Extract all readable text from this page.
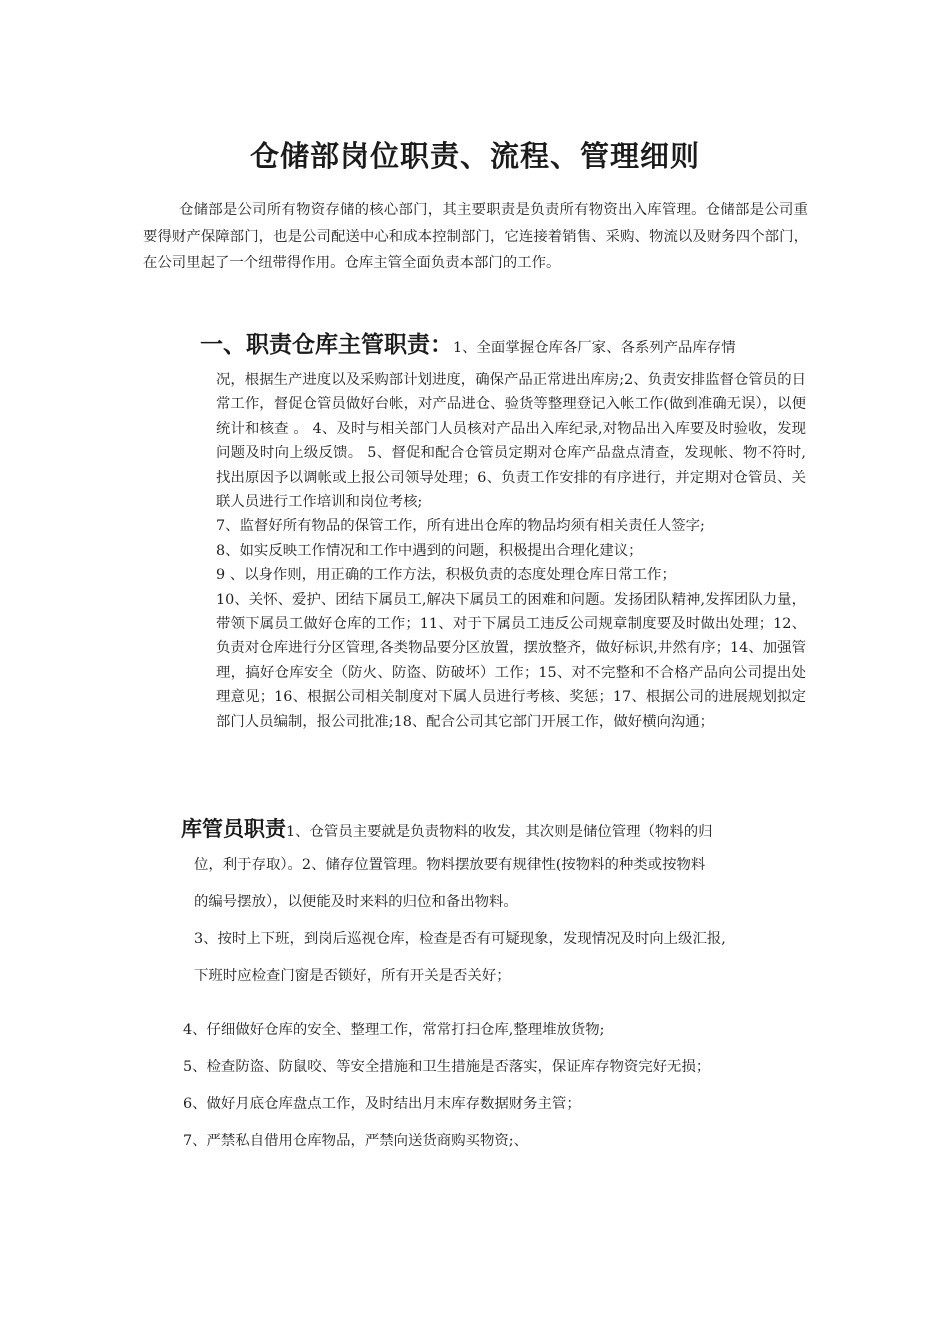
仓储部岗位职责、流程、管理细则
仓储部是公司所有物资存储的核心部门，其主要职责是负责所有物资出入库管理。仓储部是公司重要得财产保障部门，也是公司配送中心和成本控制部门，它连接着销售、采购、物流以及财务四个部门，在公司里起了一个纽带得作用。仓库主管全面负责本部门的工作。
一、职责仓库主管职责：1、全面掌握仓库各厂家、各系列产品库存情

况，根据生产进度以及采购部计划进度，确保产品正常进出库房;2、负责安排监督仓管员的日常工作，督促仓管员做好台帐，对产品进仓、验货等整理登记入帐工作(做到准确无误），以便统计和核查 。 4、及时与相关部门人员核对产品出入库纪录,对物品出入库要及时验收，发现问题及时向上级反馈。 5、督促和配合仓管员定期对仓库产品盘点清查，发现帐、物不符时,找出原因予以调帐或上报公司领导处理；6、负责工作安排的有序进行，并定期对仓管员、关联人员进行工作培训和岗位考核;

7、监督好所有物品的保管工作，所有进出仓库的物品均须有相关责任人签字;

8、如实反映工作情况和工作中遇到的问题，积极提出合理化建议；

9 、以身作则，用正确的工作方法，积极负责的态度处理仓库日常工作；

10、关怀、爱护、团结下属员工,解决下属员工的困难和问题。发扬团队精神,发挥团队力量，带领下属员工做好仓库的工作；11、对于下属员工违反公司规章制度要及时做出处理；12、负责对仓库进行分区管理,各类物品要分区放置，摆放整齐，做好标识,井然有序；14、加强管理，搞好仓库安全（防火、防盗、防破坏）工作；15、对不完整和不合格产品向公司提出处理意见；16、根据公司相关制度对下属人员进行考核、奖惩；17、根据公司的进展规划拟定部门人员编制，报公司批准;18、配合公司其它部门开展工作，做好横向沟通；

库管员职责1、仓管员主要就是负责物料的收发，其次则是储位管理（物料的归

位，利于存取）。2、储存位置管理。物料摆放要有规律性(按物料的种类或按物料

的编号摆放），以便能及时来料的归位和备出物料。

3、按时上下班，到岗后巡视仓库，检查是否有可疑现象，发现情况及时向上级汇报,

下班时应检查门窗是否锁好，所有开关是否关好；

4、仔细做好仓库的安全、整理工作，常常打扫仓库,整理堆放货物;
5、检查防盗、防鼠咬、等安全措施和卫生措施是否落实，保证库存物资完好无损；
6、做好月底仓库盘点工作，及时结出月末库存数据财务主管；
7、严禁私自借用仓库物品，严禁向送货商购买物资;、
